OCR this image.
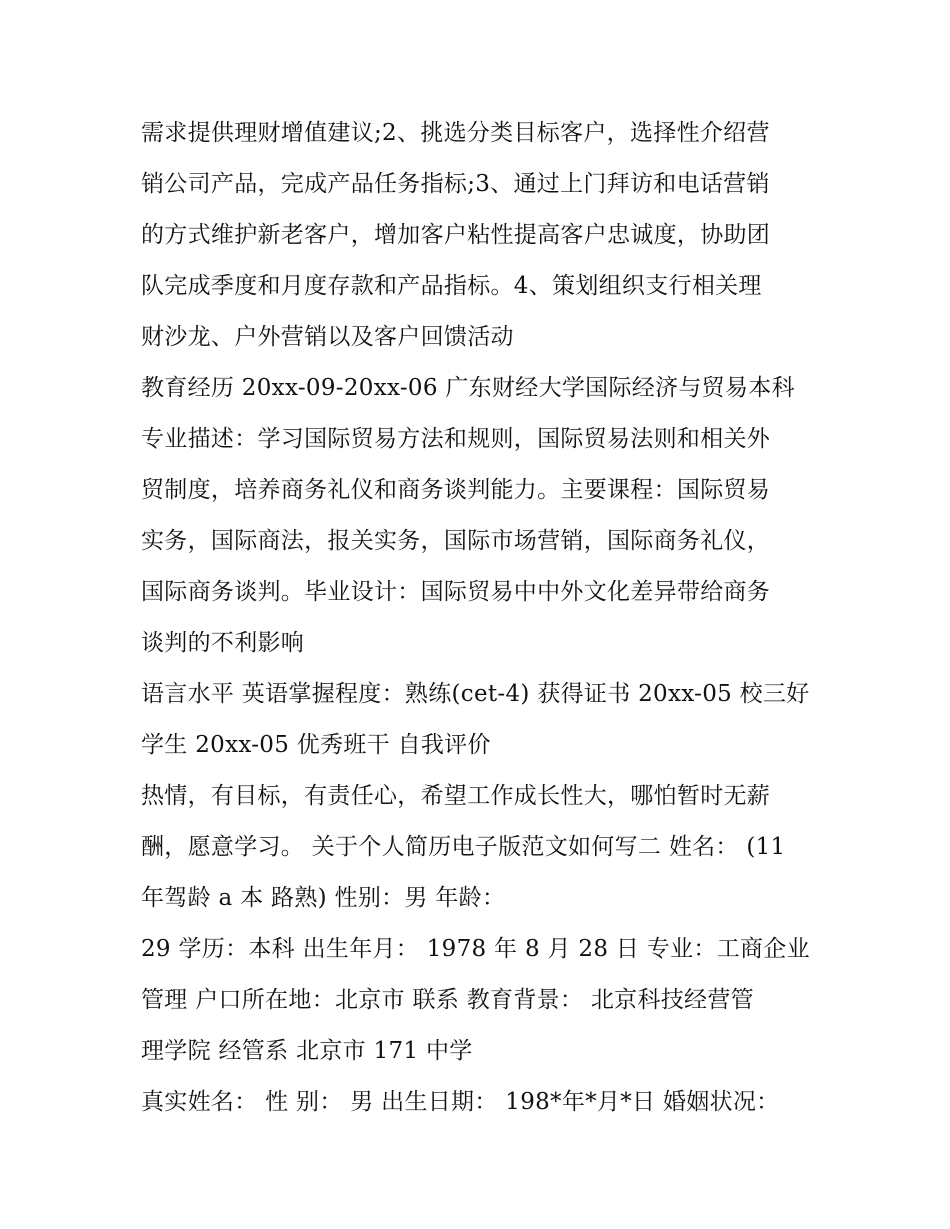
需求提供理财增值建议;2、挑选分类目标客户，选择性介绍营
销公司产品，完成产品任务指标;3、通过上门拜访和电话营销
的方式维护新老客户，增加客户粘性提高客户忠诚度，协助团
队完成季度和月度存款和产品指标。4、策划组织支行相关理
财沙龙、户外营销以及客户回馈活动
教育经历 20xx-09-20xx-06 广东财经大学国际经济与贸易本科
专业描述：学习国际贸易方法和规则，国际贸易法则和相关外
贸制度，培养商务礼仪和商务谈判能力。主要课程：国际贸易
实务，国际商法，报关实务，国际市场营销，国际商务礼仪，
国际商务谈判。毕业设计：国际贸易中中外文化差异带给商务
谈判的不利影响
语言水平 英语掌握程度：熟练(cet-4) 获得证书 20xx-05 校三好
学生 20xx-05 优秀班干 自我评价
热情，有目标，有责任心，希望工作成长性大，哪怕暂时无薪
酬，愿意学习。 关于个人简历电子版范文如何写二 姓名： (11
年驾龄 a 本 路熟) 性别：男 年龄：
29 学历：本科 出生年月： 1978 年 8 月 28 日 专业：工商企业
管理 户口所在地：北京市 联系 教育背景： 北京科技经营管
理学院 经管系 北京市 171 中学
真实姓名： 性 别： 男 出生日期： 198*年*月*日 婚姻状况：
